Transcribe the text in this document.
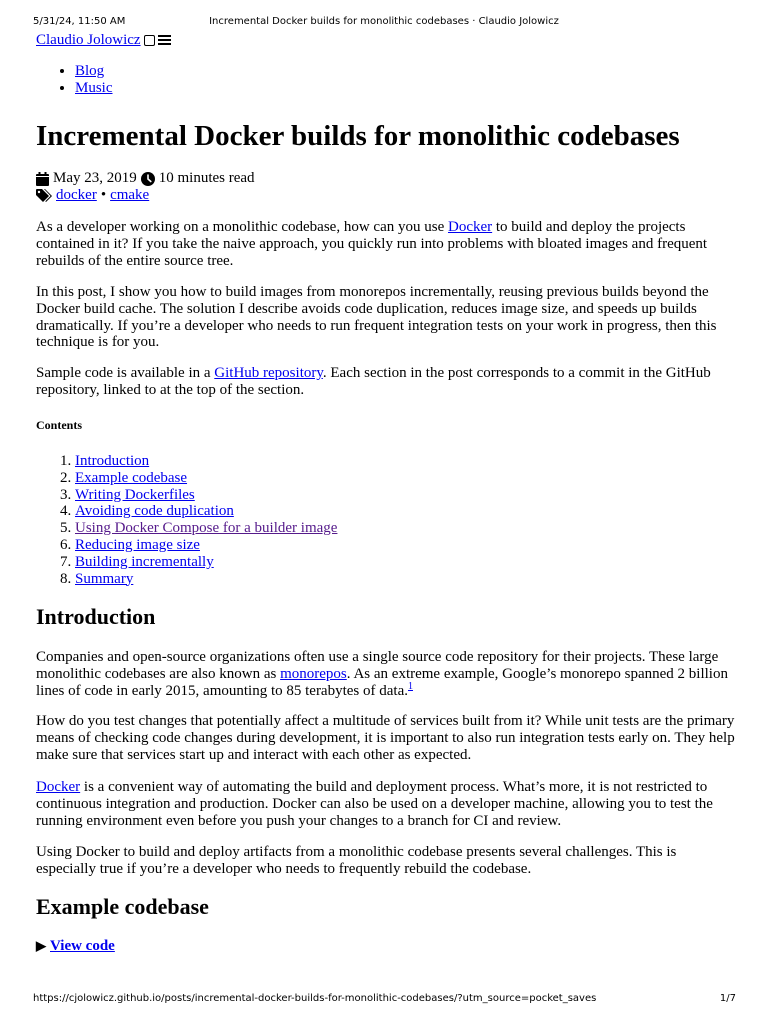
5/31/24, 11:50 AM	Incremental Docker builds for monolithic codebases · Claudio Jolowicz
Claudio Jolowicz
• Blog
• Music
Incremental Docker builds for monolithic codebases
May 23, 2019 10 minutes read
docker • cmake

As a developer working on a monolithic codebase, how can you use Docker to build and deploy the projects contained in it? If you take the naive approach, you quickly run into problems with bloated images and frequent rebuilds of the entire source tree.

In this post, I show you how to build images from monorepos incrementally, reusing previous builds beyond the Docker build cache. The solution I describe avoids code duplication, reduces image size, and speeds up builds dramatically. If you’re a developer who needs to run frequent integration tests on your work in progress, then this technique is for you.

Sample code is available in a GitHub repository. Each section in the post corresponds to a commit in the GitHub repository, linked to at the top of the section.

Contents
1. Introduction
2. Example codebase
3. Writing Dockerfiles
4. Avoiding code duplication
5. Using Docker Compose for a builder image
6. Reducing image size
7. Building incrementally
8. Summary
Introduction

Companies and open-source organizations often use a single source code repository for their projects. These large monolithic codebases are also known as monorepos. As an extreme example, Google’s monorepo spanned 2 billion lines of code in early 2015, amounting to 85 terabytes of data.$^1$

How do you test changes that potentially affect a multitude of services built from it? While unit tests are the primary means of checking code changes during development, it is important to also run integration tests early on. They help make sure that services start up and interact with each other as expected.

Docker is a convenient way of automating the build and deployment process. What’s more, it is not restricted to continuous integration and production. Docker can also be used on a developer machine, allowing you to test the running environment even before you push your changes to a branch for CI and review.

Using Docker to build and deploy artifacts from a monolithic codebase presents several challenges. This is especially true if you’re a developer who needs to frequently rebuild the codebase.

Example codebase
▶ View code
https://cjolowicz.github.io/posts/incremental-docker-builds-for-monolithic-codebases/?utm_source=pocket_saves	1/7
